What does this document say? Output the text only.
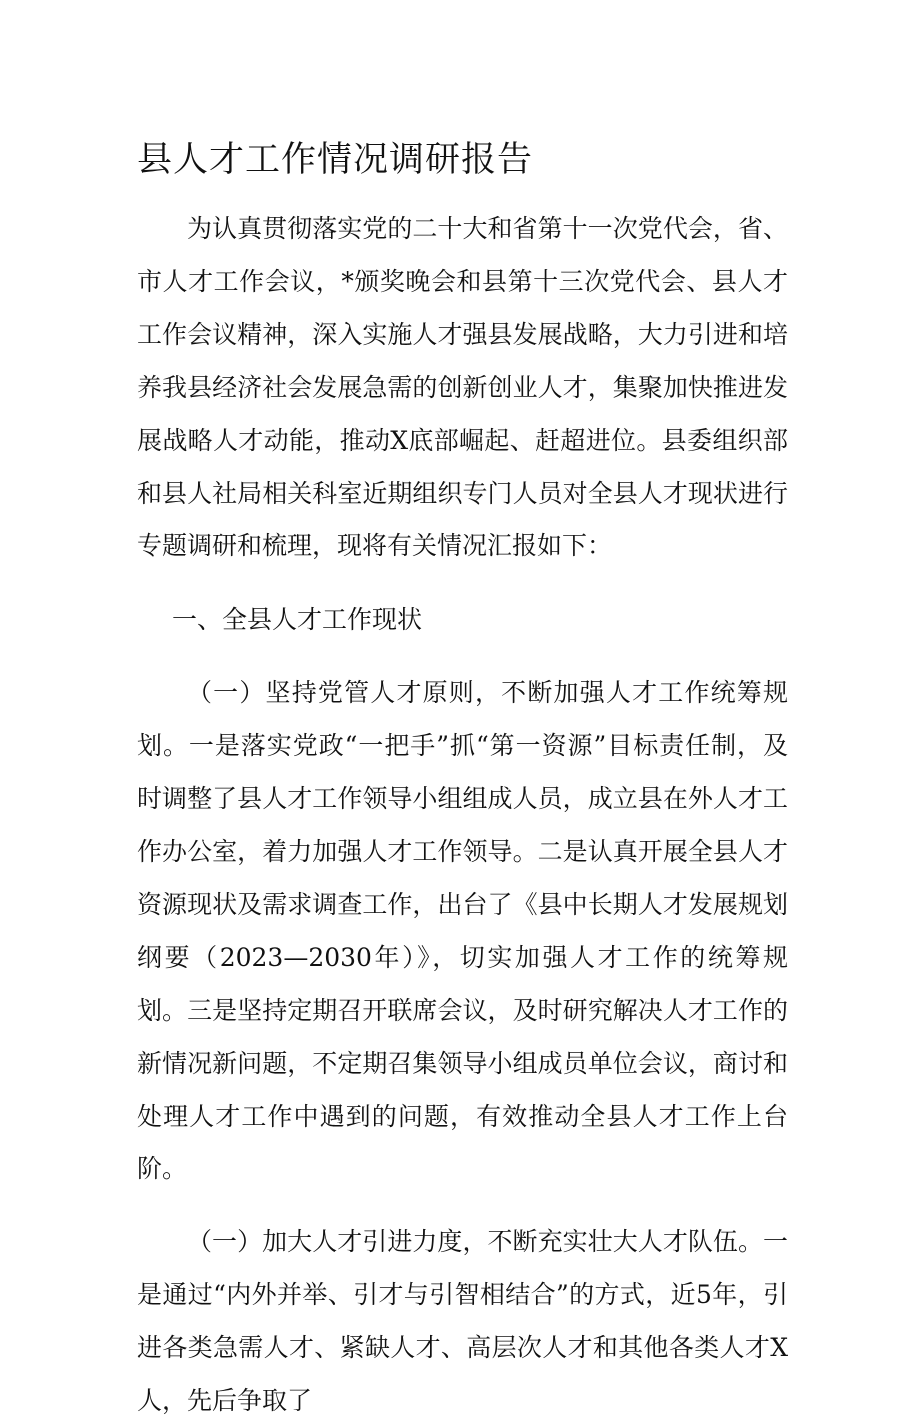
县人才工作情况调研报告

为认真贯彻落实党的二十大和省第十一次党代会，省、市人才工作会议，*颁奖晚会和县第十三次党代会、县人才工作会议精神，深入实施人才强县发展战略，大力引进和培养我县经济社会发展急需的创新创业人才，集聚加快推进发展战略人才动能，推动X底部崛起、赶超进位。县委组织部和县人社局相关科室近期组织专门人员对全县人才现状进行专题调研和梳理，现将有关情况汇报如下：

一、全县人才工作现状

（一）坚持党管人才原则，不断加强人才工作统筹规划。一是落实党政“一把手”抓“第一资源”目标责任制，及时调整了县人才工作领导小组组成人员，成立县在外人才工作办公室，着力加强人才工作领导。二是认真开展全县人才资源现状及需求调查工作，出台了《县中长期人才发展规划纲要（2023—2030年）》，切实加强人才工作的统筹规划。三是坚持定期召开联席会议，及时研究解决人才工作的新情况新问题，不定期召集领导小组成员单位会议，商讨和处理人才工作中遇到的问题，有效推动全县人才工作上台阶。

（一）加大人才引进力度，不断充实壮大人才队伍。一是通过“内外并举、引才与引智相结合”的方式，近5年，引进各类急需人才、紧缺人才、高层次人才和其他各类人才X人，先后争取了
